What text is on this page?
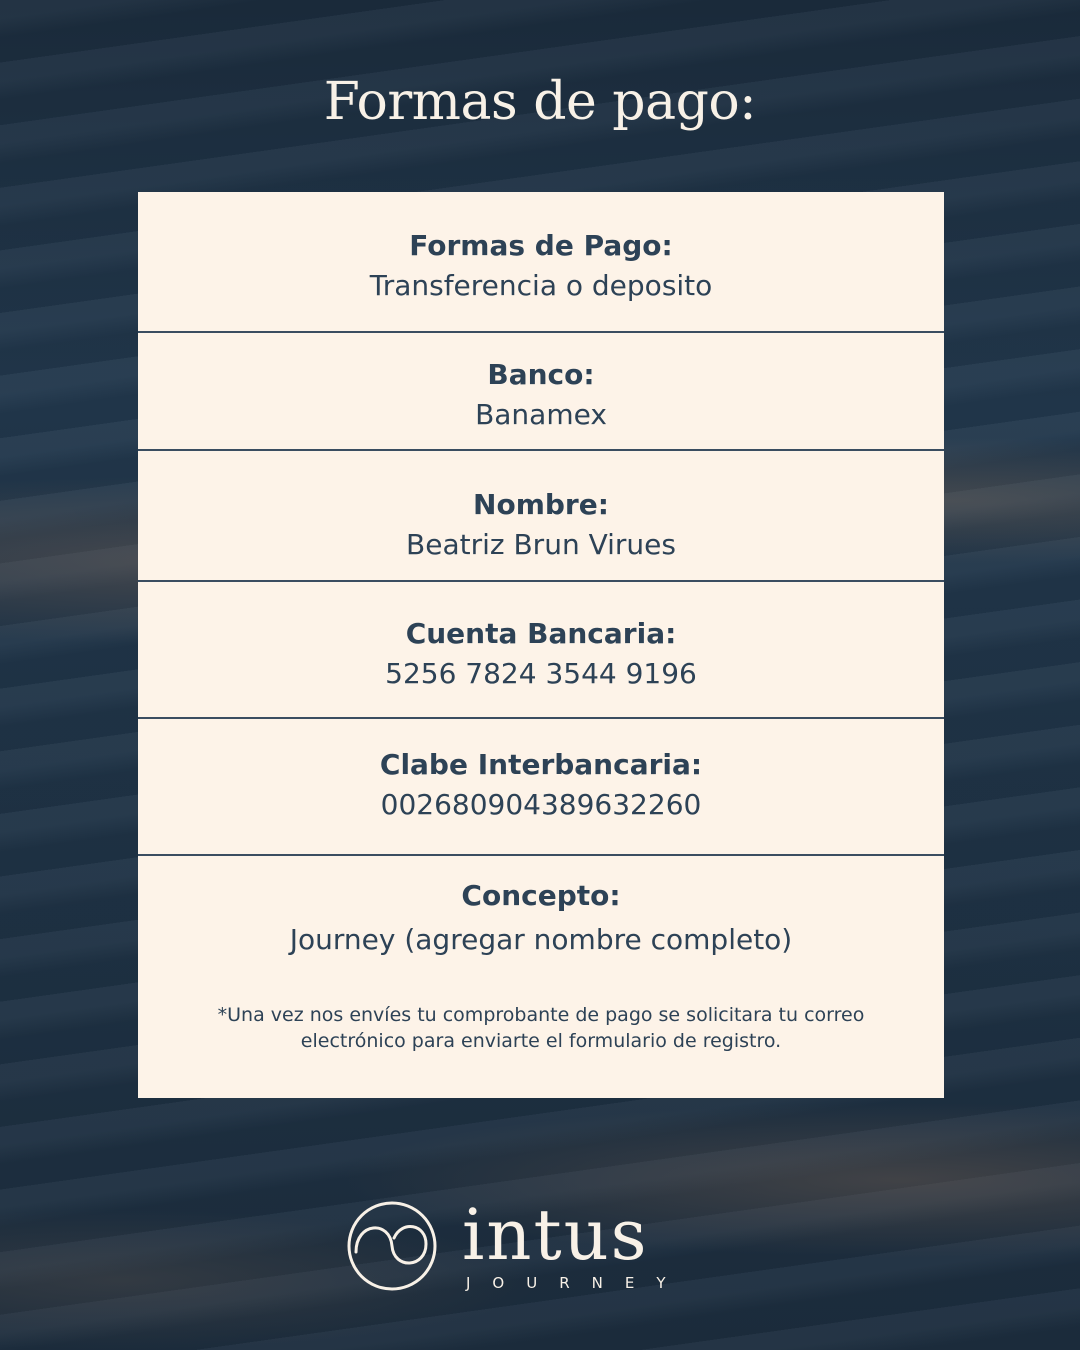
Formas de pago:
Formas de Pago:
Transferencia o deposito
Banco:
Banamex
Nombre:
Beatriz Brun Virues
Cuenta Bancaria:
5256 7824 3544 9196
Clabe Interbancaria:
002680904389632260
Concepto:
Journey (agregar nombre completo)
*Una vez nos envíes tu comprobante de pago se solicitara tu correo electrónico para enviarte el formulario de registro.
intus
JOURNEY
